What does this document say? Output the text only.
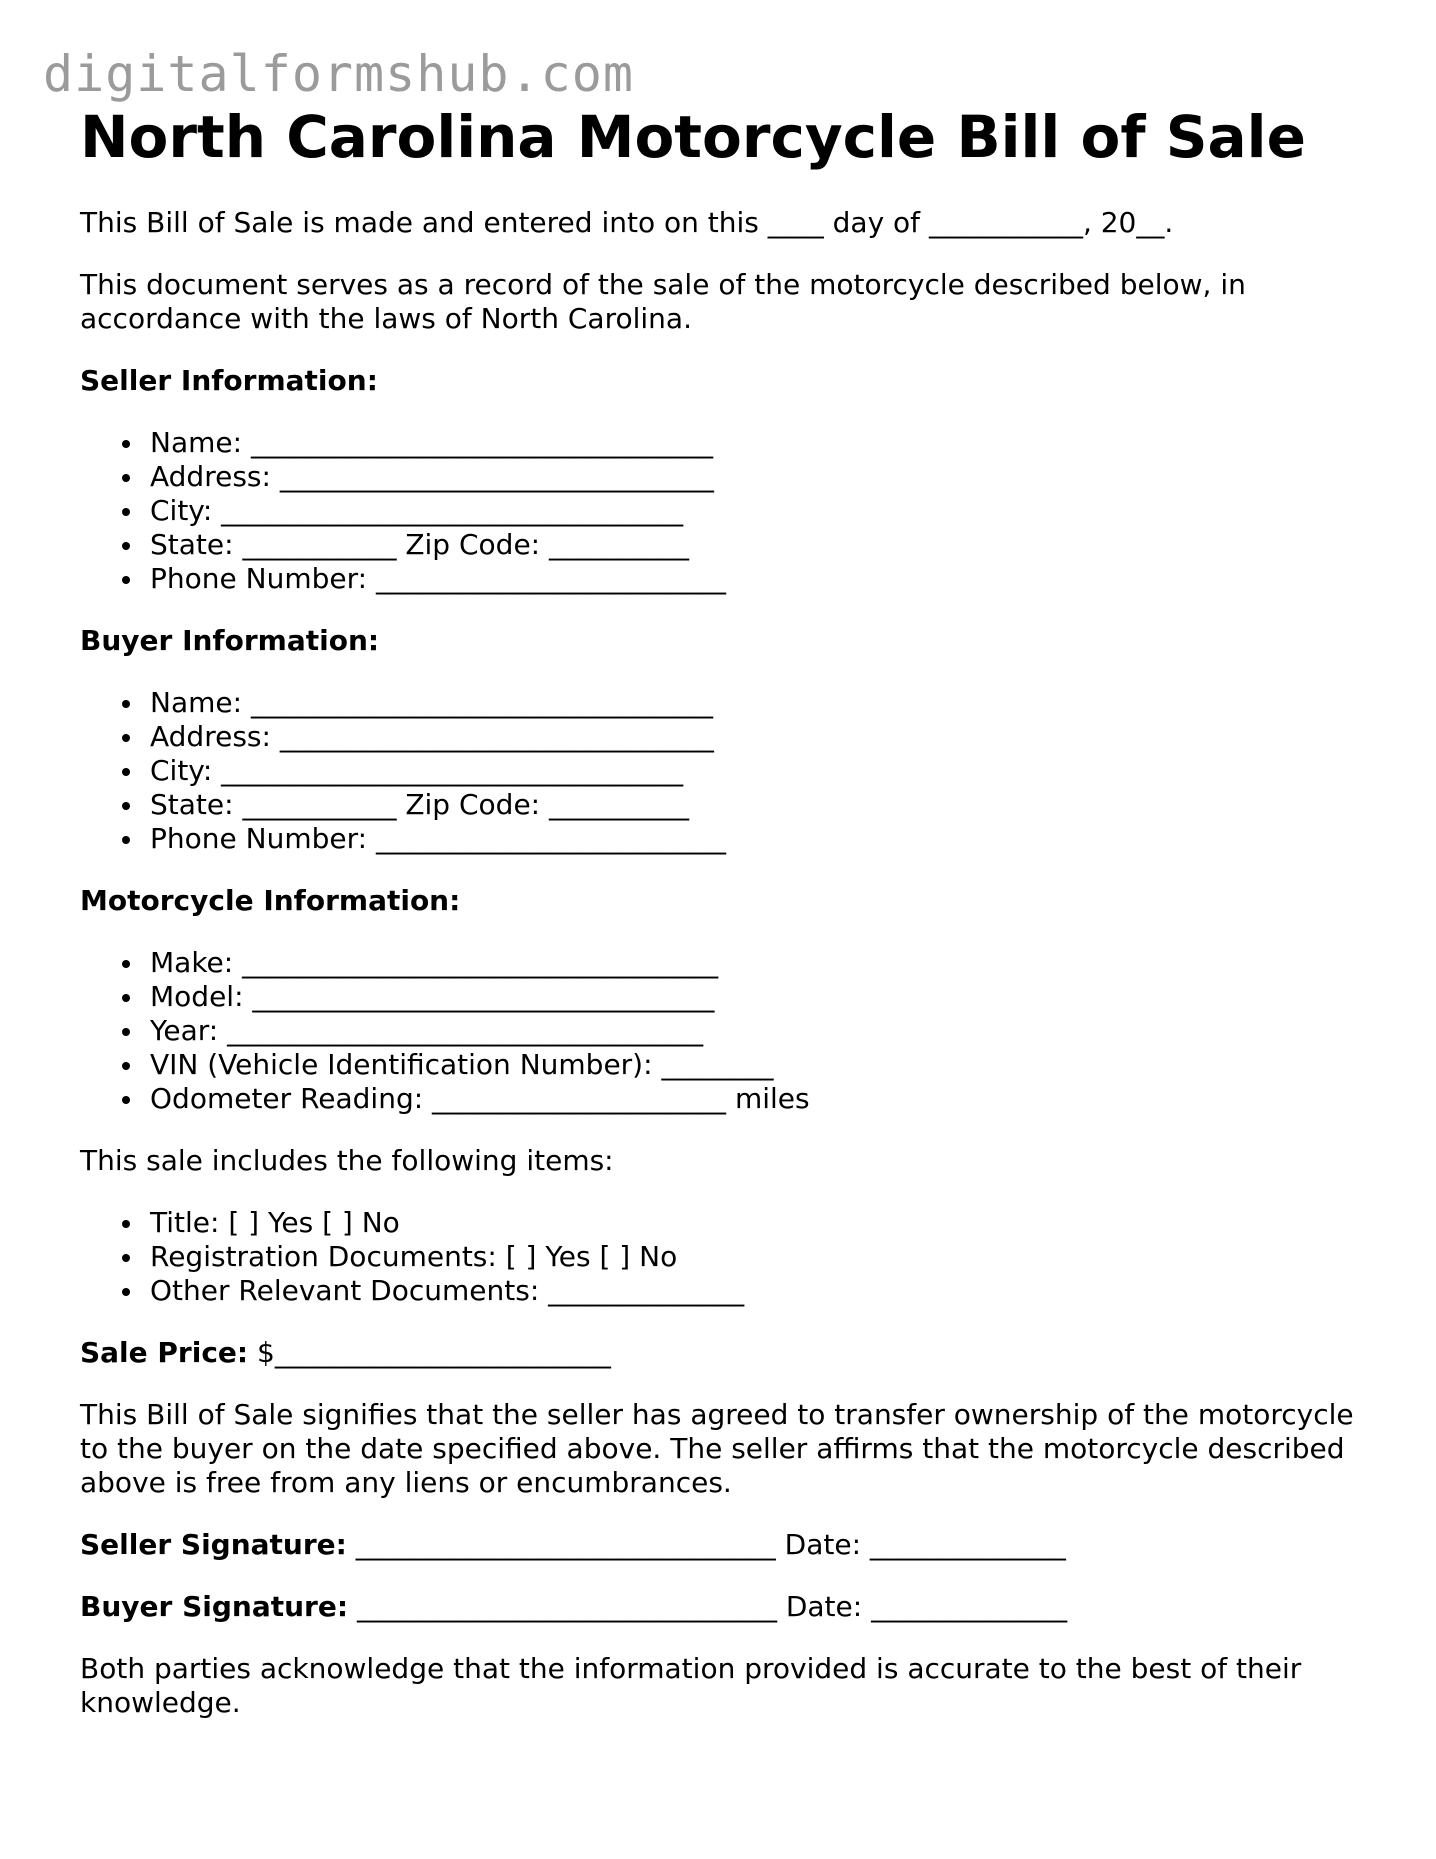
digitalformshub.com
North Carolina Motorcycle Bill of Sale

This Bill of Sale is made and entered into on this ____ day of ___________, 20__.

This document serves as a record of the sale of the motorcycle described below, in accordance with the laws of North Carolina.

Seller Information:

Name: _________________________________
Address: _______________________________
City: _________________________________
State: ___________ Zip Code: __________
Phone Number: _________________________

Buyer Information:

Name: _________________________________
Address: _______________________________
City: _________________________________
State: ___________ Zip Code: __________
Phone Number: _________________________

Motorcycle Information:

Make: __________________________________
Model: _________________________________
Year: __________________________________
VIN (Vehicle Identification Number): ________
Odometer Reading: _____________________ miles

This sale includes the following items:

Title: [ ] Yes [ ] No
Registration Documents: [ ] Yes [ ] No
Other Relevant Documents: ______________

Sale Price: $________________________

This Bill of Sale signifies that the seller has agreed to transfer ownership of the motorcycle to the buyer on the date specified above. The seller affirms that the motorcycle described above is free from any liens or encumbrances.

Seller Signature: ______________________________ Date: ______________

Buyer Signature: ______________________________ Date: ______________

Both parties acknowledge that the information provided is accurate to the best of their knowledge.
